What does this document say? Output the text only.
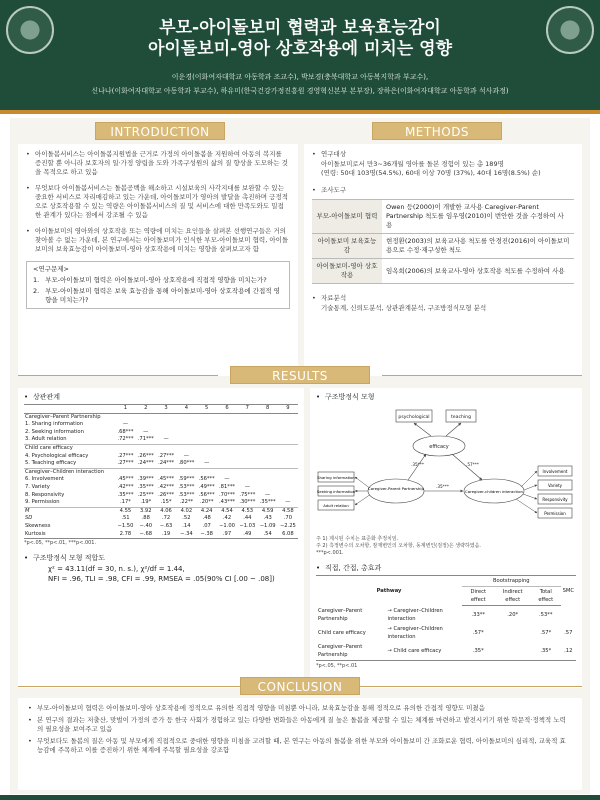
부모-아이돌보미 협력과 보육효능감이
아이돌보미-영아 상호작용에 미치는 영향
이운경(이화여자대학교 아동학과 조교수), 박보경(충북대학교 아동복지학과 부교수),
신나나(이화여자대학교 아동학과 부교수), 하유미(한국건강가정진흥원 경영혁신본부 본부장), 장하은(이화여자대학교 아동학과 석사과정)
INTRODUCTION
• 아이돌봄서비스는 아이돌봄지원법을 근거로 가정의 아이돌봄을 지원하여 아동의 복지를 증진할 뿐 아니라 보호자의 일·가정 양립을 도와 가족구성원의 삶의 질 향상을 도모하는 것을 목적으로 하고 있음
• 무엇보다 아이돌봄서비스는 돌봄공백을 해소하고 시설보육의 사각지대를 보완할 수 있는 중요한 서비스로 자리매김하고 있는 가운데, 아이돌보미가 영아의 발달을 촉진하며 긍정적으로 상호작용할 수 있는 역량은 아이돌봄서비스의 질 및 서비스에 대한 만족도와도 밀접한 관계가 있다는 점에서 강조될 수 있음
• 아이돌보미의 영아와의 상호작용 또는 역량에 미치는 요인들을 살펴본 선행연구들은 거의 찾아볼 수 없는 가운데, 본 연구에서는 아이돌보미가 인식한 부모-아이돌보미 협력, 아이돌보미의 보육효능감이 아이돌보미-영아 상호작용에 미치는 영향을 살펴보고자 함
<연구문제>
1. 부모-아이돌보미 협력은 아이돌보미-영아 상호작용에 직접적 영향을 미치는가?
2. 부모-아이돌보미 협력은 보육 효능감을 통해 아이돌보미-영아 상호작용에 간접적 영향을 미치는가?
METHODS
• 연구대상
아이돌보미로서 만3~36개월 영아를 돌본 경험이 있는 총 189명
(연령: 50대 103명(54.5%), 60대 이상 70명 (37%), 40대 16명(8.5%) 순)
• 조사도구
부모-아이돌보미 협력	Owen 등(2000)이 개발한 교사용 Caregiver-Parent Partnership 척도를 임우영(2010)이 번안한 것을 수정하여 사용
아이돌보미 보육효능감	현정환(2003)의 보육교사용 척도를 안경진(2016)이 아이돌보미용으로 수정·재구성한 척도
아이돌보미-영아 상호작용	임옥희(2006)의 보육교사-영아 상호작용 척도를 수정하여 사용
• 자료분석
기술통계, 신뢰도분석, 상관관계분석, 구조방정식모형 분석
RESULTS
• 상관관계
	1	2	3	4	5	6	7	8	9
Caregiver–Parent Partnership									
1. Sharing information	—								
2. Seeking information	.68***	—							
3. Adult relation	.72***	.71***	—						
Child care efficacy									
4. Psychological efficacy	.27***	.26***	.27***	—					
5. Teaching efficacy	.27***	.24***	.24***	.80***	—				
Caregiver–Children interaction									
6. Involvement	.45***	.39***	.45***	.59***	.56***	—			
7. Variety	.42***	.35***	.42***	.53***	.49***	.81***	—		
8. Responsivity	.35***	.25***	.26***	.53***	.56***	.70***	.75***	—	
9. Permission	.17*	.19*	.15*	.22**	.20**	.43***	.30***	.35***	—
M	4.55	3.92	4.06	4.02	4.24	4.54	4.53	4.59	4.58
SD	.51	.88	.72	.52	.48	.42	.44	.43	.70
Skewness	−1.50	−.40	−.63	.14	.07	−1.00	−1.03	−1.09	−2.25
Kurtosis	2.78	−.68	.19	−.34	−.38	.97	.49	.54	6.08
*p<.05, **p<.01, ***p<.001.
• 구조방정식 모형 적합도
χ² = 43.11(df = 30, n. s.), χ²/df = 1.44,
NFI = .96, TLI = .98, CFI = .99, RMSEA = .05(90% CI [.00 ~ .08])
• 구조방정식 모형
psychological	teaching
efficacy
Sharing information
Seeking information
Adult relation
Caregiver-Parent Partnership
Caregiver-children interaction
.35***	.57***
.35***
Involvement
Variety
Responsivity
Permission
주 1) 제시된 수치는 표준화 추정치임.
주 2) 측정변수의 오차항, 잠재변인의 오차항, 동계변인(검정)은 생략하였음.
***p<.001.
• 직접, 간접, 총효과
Pathway		Bootstrapping			SMC
		Direct effect	Indirect effect	Total effect	
Caregiver–Parent Partnership	→ Caregiver–Children interaction	.33**	.20*	.53**	
Child care efficacy	→ Caregiver–Children interaction	.57*		.57*	.57
Caregiver–Parent Partnership	→ Child care efficacy	.35*		.35*	.12
*p<.05, **p<.01
CONCLUSION
• 부모-아이돌보미 협력은 아이돌보미-영아 상호작용에 정적으로 유의한 직접적 영향을 미침뿐 아니라, 보육효능감을 통해 정적으로 유의한 간접적 영향도 미쳤음
• 본 연구의 결과는 저출산, 맞벌이 가정의 증가 등 한국 사회가 경험하고 있는 다양한 변화들은 아동에게 질 높은 돌봄을 제공할 수 있는 체계를 마련하고 발전시키기 위한 학문적·정책적 노력의 필요성을 보여주고 있음
• 무엇보다도 돌봄의 질은 아동 및 부모에게 직접적으로 중대한 영향을 미침을 고려할 때, 본 연구는 아동의 돌봄을 위한 부모와 아이돌보미 간 조화로운 협력, 아이돌보미의 심리적, 교육적 효능감에 주목하고 이를 증진하기 위한 체계에 주목할 필요성을 강조함
